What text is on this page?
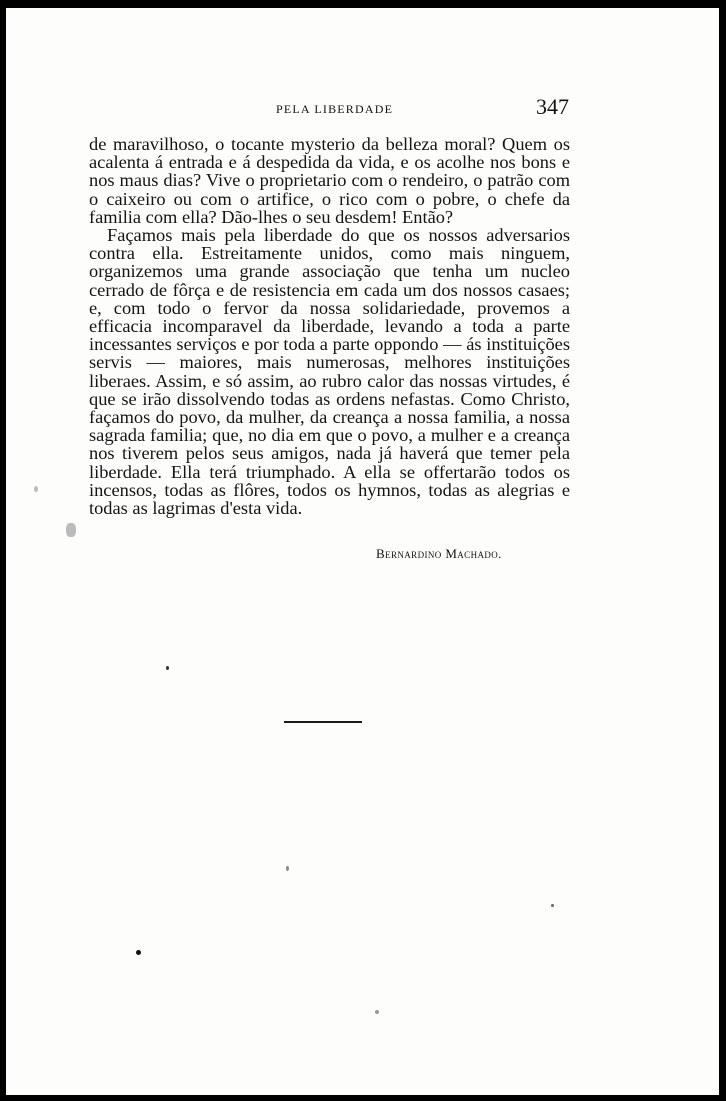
PELA LIBERDADE	347

de maravilhoso, o tocante mysterio da belleza moral? Quem os acalenta á entrada e á despedida da vida, e os acolhe nos bons e nos maus dias? Vive o proprietario com o rendeiro, o patrão com o caixeiro ou com o artifice, o rico com o pobre, o chefe da familia com ella? Dão-lhes o seu desdem! Então?

Façamos mais pela liberdade do que os nossos adversarios contra ella. Estreitamente unidos, como mais ninguem, organizemos uma grande associação que tenha um nucleo cerrado de fôrça e de resistencia em cada um dos nossos casaes; e, com todo o fervor da nossa solidariedade, provemos a efficacia incomparavel da liberdade, levando a toda a parte incessantes serviços e por toda a parte oppondo — ás instituições servis — maiores, mais numerosas, melhores instituições liberaes. Assim, e só assim, ao rubro calor das nossas virtudes, é que se irão dissolvendo todas as ordens nefastas. Como Christo, façamos do povo, da mulher, da creança a nossa familia, a nossa sagrada familia; que, no dia em que o povo, a mulher e a creança nos tiverem pelos seus amigos, nada já haverá que temer pela liberdade. Ella terá triumphado. A ella se offertarão todos os incensos, todas as flôres, todos os hymnos, todas as alegrias e todas as lagrimas d'esta vida.

Bernardino Machado.
